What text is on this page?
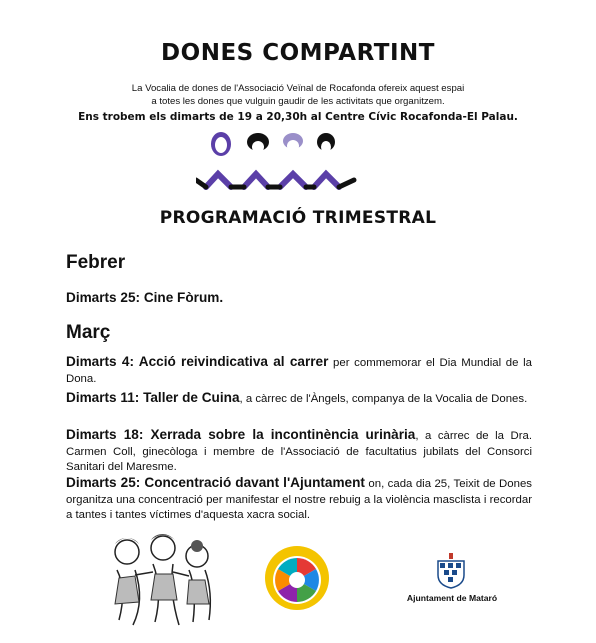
DONES COMPARTINT
La Vocalia de dones de l'Associació Veïnal de Rocafonda ofereix aquest espai
a totes les dones que vulguin gaudir de les activitats que organitzem.
Ens trobem els dimarts de 19 a 20,30h al Centre Cívic Rocafonda-El Palau.
PROGRAMACIÓ TRIMESTRAL
Febrer
Dimarts 25: Cine Fòrum.
Març
Dimarts 4: Acció reivindicativa al carrer per commemorar el Dia Mundial de la Dona.
Dimarts 11: Taller de Cuina, a càrrec de l'Àngels, companya de la Vocalia de Dones.
Dimarts 18: Xerrada sobre la incontinència urinària, a càrrec de la Dra. Carmen Coll, ginecòloga i membre de l'Associació de facultatius jubilats del Consorci Sanitari del Maresme.
Dimarts 25: Concentració davant l'Ajuntament on, cada dia 25, Teixit de Dones organitza una concentració per manifestar el nostre rebuig a la violència masclista i recordar a tantes i tantes víctimes d'aquesta xacra social.
Ajuntament de Mataró
